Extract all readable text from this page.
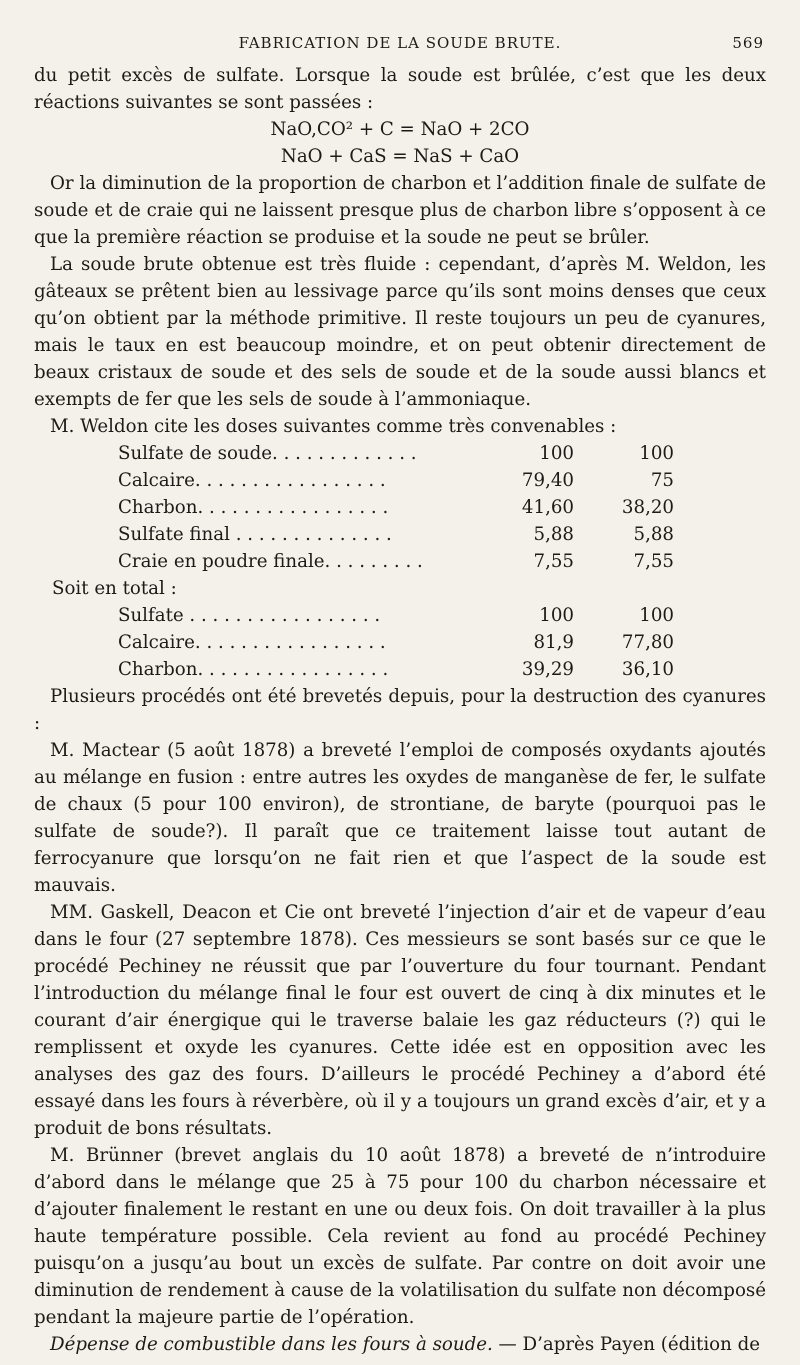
FABRICATION DE LA SOUDE BRUTE.	569

du petit excès de sulfate. Lorsque la soude est brûlée, c’est que les deux réactions suivantes se sont passées :

NaO,CO² + C = NaO + 2CO

NaO + CaS = NaS + CaO

Or la diminution de la proportion de charbon et l’addition finale de sulfate de soude et de craie qui ne laissent presque plus de charbon libre s’opposent à ce que la première réaction se produise et la soude ne peut se brûler.

La soude brute obtenue est très fluide : cependant, d’après M. Weldon, les gâteaux se prêtent bien au lessivage parce qu’ils sont moins denses que ceux qu’on obtient par la méthode primitive. Il reste toujours un peu de cyanures, mais le taux en est beaucoup moindre, et on peut obtenir directement de beaux cristaux de soude et des sels de soude et de la soude aussi blancs et exempts de fer que les sels de soude à l’ammoniaque.

M. Weldon cite les doses suivantes comme très convenables :

Sulfate de soude. . . . . . . . . . . . .	100	100
Calcaire. . . . . . . . . . . . . . . . .	79,40	75
Charbon. . . . . . . . . . . . . . . . .	41,60	38,20
Sulfate final . . . . . . . . . . . . . .	5,88	5,88
Craie en poudre finale. . . . . . . . .	7,55	7,55

Soit en total :

Sulfate . . . . . . . . . . . . . . . . .	100	100
Calcaire. . . . . . . . . . . . . . . . .	81,9	77,80
Charbon. . . . . . . . . . . . . . . . .	39,29	36,10

Plusieurs procédés ont été brevetés depuis, pour la destruction des cyanures :

M. Mactear (5 août 1878) a breveté l’emploi de composés oxydants ajoutés au mélange en fusion : entre autres les oxydes de manganèse de fer, le sulfate de chaux (5 pour 100 environ), de strontiane, de baryte (pourquoi pas le sulfate de soude?). Il paraît que ce traitement laisse tout autant de ferrocyanure que lorsqu’on ne fait rien et que l’aspect de la soude est mauvais.

MM. Gaskell, Deacon et Cie ont breveté l’injection d’air et de vapeur d’eau dans le four (27 septembre 1878). Ces messieurs se sont basés sur ce que le procédé Pechiney ne réussit que par l’ouverture du four tournant. Pendant l’introduction du mélange final le four est ouvert de cinq à dix minutes et le courant d’air énergique qui le traverse balaie les gaz réducteurs (?) qui le remplissent et oxyde les cyanures. Cette idée est en opposition avec les analyses des gaz des fours. D’ailleurs le procédé Pechiney a d’abord été essayé dans les fours à réverbère, où il y a toujours un grand excès d’air, et y a produit de bons résultats.

M. Brünner (brevet anglais du 10 août 1878) a breveté de n’introduire d’abord dans le mélange que 25 à 75 pour 100 du charbon nécessaire et d’ajouter finalement le restant en une ou deux fois. On doit travailler à la plus haute température possible. Cela revient au fond au procédé Pechiney puisqu’on a jusqu’au bout un excès de sulfate. Par contre on doit avoir une diminution de rendement à cause de la volatilisation du sulfate non décomposé pendant la majeure partie de l’opération.

Dépense de combustible dans les fours à soude. — D’après Payen (édition de
